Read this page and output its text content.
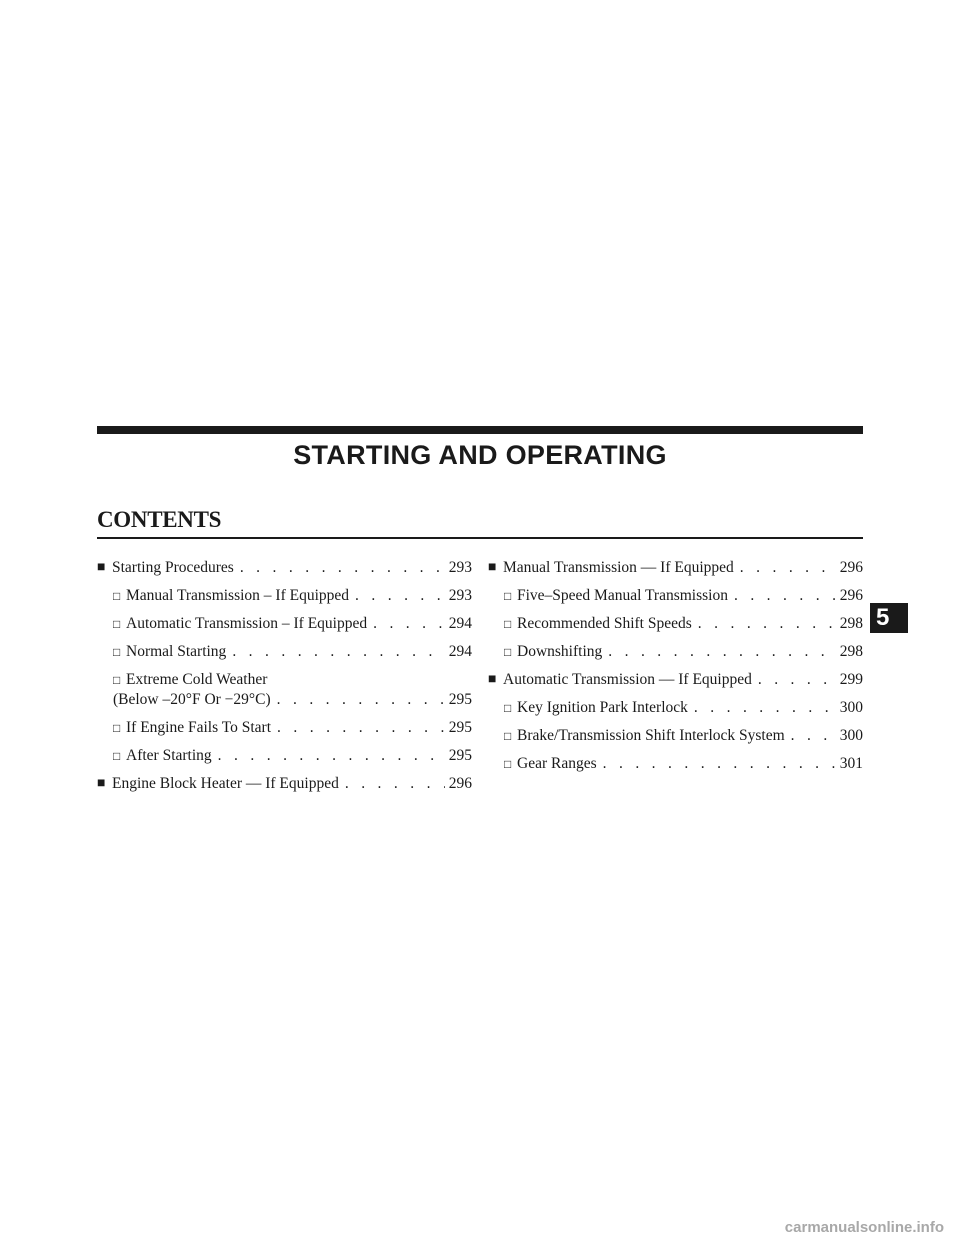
STARTING AND OPERATING
CONTENTS
■ Starting Procedures . . .	293
□ Manual Transmission – If Equipped . . .	293
□ Automatic Transmission – If Equipped . . .	294
□ Normal Starting . . .	294
□ Extreme Cold Weather
(Below –20°F Or −29°C) . . .	295
□ If Engine Fails To Start . . .	295
□ After Starting . . .	295
■ Engine Block Heater — If Equipped . . .	296
■ Manual Transmission — If Equipped . . .	296
□ Five–Speed Manual Transmission . . .	296
□ Recommended Shift Speeds . . .	298
□ Downshifting . . .	298
■ Automatic Transmission — If Equipped . . .	299
□ Key Ignition Park Interlock . . .	300
□ Brake/Transmission Shift Interlock System . . .	300
□ Gear Ranges . . .	301
5
carmanualsonline.info
